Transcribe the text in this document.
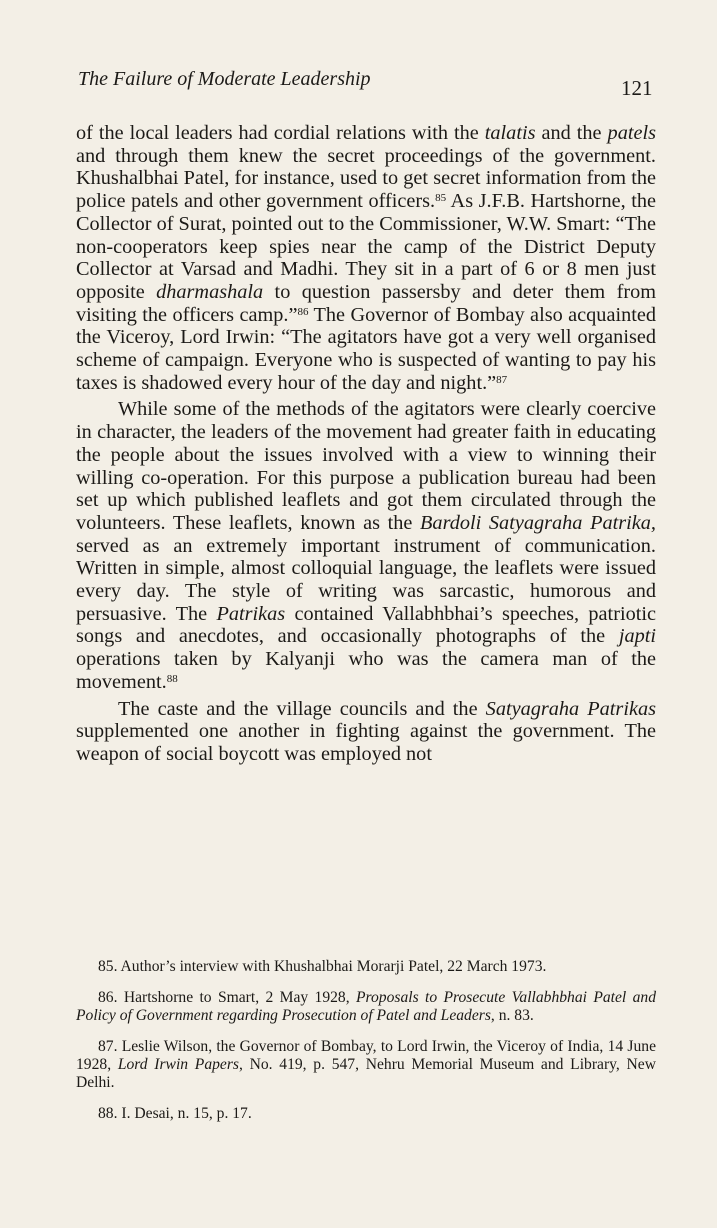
The Failure of Moderate Leadership	121

of the local leaders had cordial relations with the talatis and the patels and through them knew the secret proceedings of the government. Khushalbhai Patel, for instance, used to get secret information from the police patels and other government officers.$^{85}$ As J.F.B. Hartshorne, the Collector of Surat, pointed out to the Commissioner, W.W. Smart: “The non-cooperators keep spies near the camp of the District Deputy Collector at Varsad and Madhi. They sit in a part of 6 or 8 men just opposite dharmashala to question passersby and deter them from visiting the officers camp.”$^{86}$ The Governor of Bombay also acquainted the Viceroy, Lord Irwin: “The agitators have got a very well organised scheme of campaign. Everyone who is suspected of wanting to pay his taxes is shadowed every hour of the day and night.”$^{87}$

While some of the methods of the agitators were clearly coercive in character, the leaders of the movement had greater faith in educating the people about the issues involved with a view to winning their willing co-operation. For this purpose a publication bureau had been set up which published leaflets and got them circulated through the volunteers. These leaflets, known as the Bardoli Satyagraha Patrika, served as an extremely important instrument of communication. Written in simple, almost colloquial language, the leaflets were issued every day. The style of writing was sarcastic, humorous and persuasive. The Patrikas contained Vallabhbhai’s speeches, patriotic songs and anecdotes, and occasionally photographs of the japti operations taken by Kalyanji who was the camera man of the movement.$^{88}$

The caste and the village councils and the Satyagraha Patrikas supplemented one another in fighting against the government. The weapon of social boycott was employed not

85. Author’s interview with Khushalbhai Morarji Patel, 22 March 1973.

86. Hartshorne to Smart, 2 May 1928, Proposals to Prosecute Vallabhbhai Patel and Policy of Government regarding Prosecution of Patel and Leaders, n. 83.

87. Leslie Wilson, the Governor of Bombay, to Lord Irwin, the Viceroy of India, 14 June 1928, Lord Irwin Papers, No. 419, p. 547, Nehru Memorial Museum and Library, New Delhi.

88. I. Desai, n. 15, p. 17.
